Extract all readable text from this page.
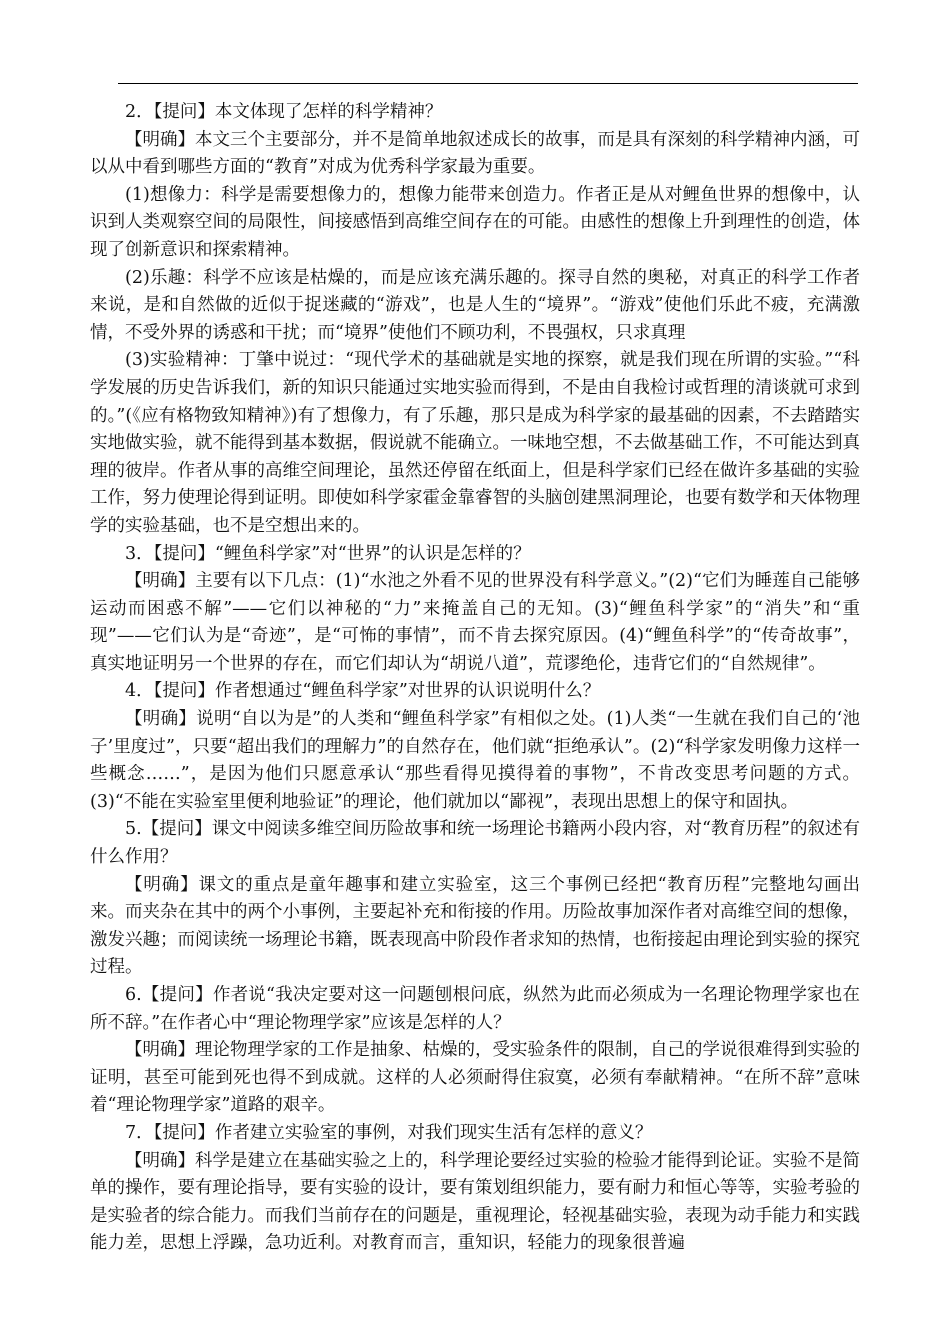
2．【提问】本文体现了怎样的科学精神？

【明确】本文三个主要部分，并不是简单地叙述成长的故事，而是具有深刻的科学精神内涵，可以从中看到哪些方面的“教育”对成为优秀科学家最为重要。

(1)想像力：科学是需要想像力的，想像力能带来创造力。作者正是从对鲤鱼世界的想像中，认识到人类观察空间的局限性，间接感悟到高维空间存在的可能。由感性的想像上升到理性的创造，体现了创新意识和探索精神。

(2)乐趣：科学不应该是枯燥的，而是应该充满乐趣的。探寻自然的奥秘，对真正的科学工作者来说，是和自然做的近似于捉迷藏的“游戏”，也是人生的“境界”。“游戏”使他们乐此不疲，充满激情，不受外界的诱惑和干扰；而“境界”使他们不顾功利，不畏强权，只求真理

(3)实验精神：丁肇中说过：“现代学术的基础就是实地的探察，就是我们现在所谓的实验。”“科学发展的历史告诉我们，新的知识只能通过实地实验而得到，不是由自我检讨或哲理的清谈就可求到的。”(《应有格物致知精神》)有了想像力，有了乐趣，那只是成为科学家的最基础的因素，不去踏踏实实地做实验，就不能得到基本数据，假说就不能确立。一味地空想，不去做基础工作，不可能达到真理的彼岸。作者从事的高维空间理论，虽然还停留在纸面上，但是科学家们已经在做许多基础的实验工作，努力使理论得到证明。即使如科学家霍金靠睿智的头脑创建黑洞理论，也要有数学和天体物理学的实验基础，也不是空想出来的。

3．【提问】“鲤鱼科学家”对“世界”的认识是怎样的？

【明确】主要有以下几点：(1)“水池之外看不见的世界没有科学意义。”(2)“它们为睡莲自己能够运动而困惑不解”——它们以神秘的“力”来掩盖自己的无知。(3)“鲤鱼科学家”的“消失”和“重现”——它们认为是“奇迹”，是“可怖的事情”，而不肯去探究原因。(4)“鲤鱼科学”的“传奇故事”，真实地证明另一个世界的存在，而它们却认为“胡说八道”，荒谬绝伦，违背它们的“自然规律”。

4．【提问】作者想通过“鲤鱼科学家”对世界的认识说明什么？

【明确】说明“自以为是”的人类和“鲤鱼科学家”有相似之处。(1)人类“一生就在我们自己的‘池子’里度过”，只要“超出我们的理解力”的自然存在，他们就“拒绝承认”。(2)“科学家发明像力这样一些概念……”，是因为他们只愿意承认“那些看得见摸得着的事物”，不肯改变思考问题的方式。(3)“不能在实验室里便利地验证”的理论，他们就加以“鄙视”，表现出思想上的保守和固执。

5.【提问】课文中阅读多维空间历险故事和统一场理论书籍两小段内容，对“教育历程”的叙述有什么作用？

【明确】课文的重点是童年趣事和建立实验室，这三个事例已经把“教育历程”完整地勾画出来。而夹杂在其中的两个小事例，主要起补充和衔接的作用。历险故事加深作者对高维空间的想像，激发兴趣；而阅读统一场理论书籍，既表现高中阶段作者求知的热情，也衔接起由理论到实验的探究过程。

6.【提问】作者说“我决定要对这一问题刨根问底，纵然为此而必须成为一名理论物理学家也在所不辞。”在作者心中“理论物理学家”应该是怎样的人？

【明确】理论物理学家的工作是抽象、枯燥的，受实验条件的限制，自己的学说很难得到实验的证明，甚至可能到死也得不到成就。这样的人必须耐得住寂寞，必须有奉献精神。“在所不辞”意味着“理论物理学家”道路的艰辛。

7．【提问】作者建立实验室的事例，对我们现实生活有怎样的意义？

【明确】科学是建立在基础实验之上的，科学理论要经过实验的检验才能得到论证。实验不是简单的操作，要有理论指导，要有实验的设计，要有策划组织能力，要有耐力和恒心等等，实验考验的是实验者的综合能力。而我们当前存在的问题是，重视理论，轻视基础实验，表现为动手能力和实践能力差，思想上浮躁，急功近利。对教育而言，重知识，轻能力的现象很普遍
